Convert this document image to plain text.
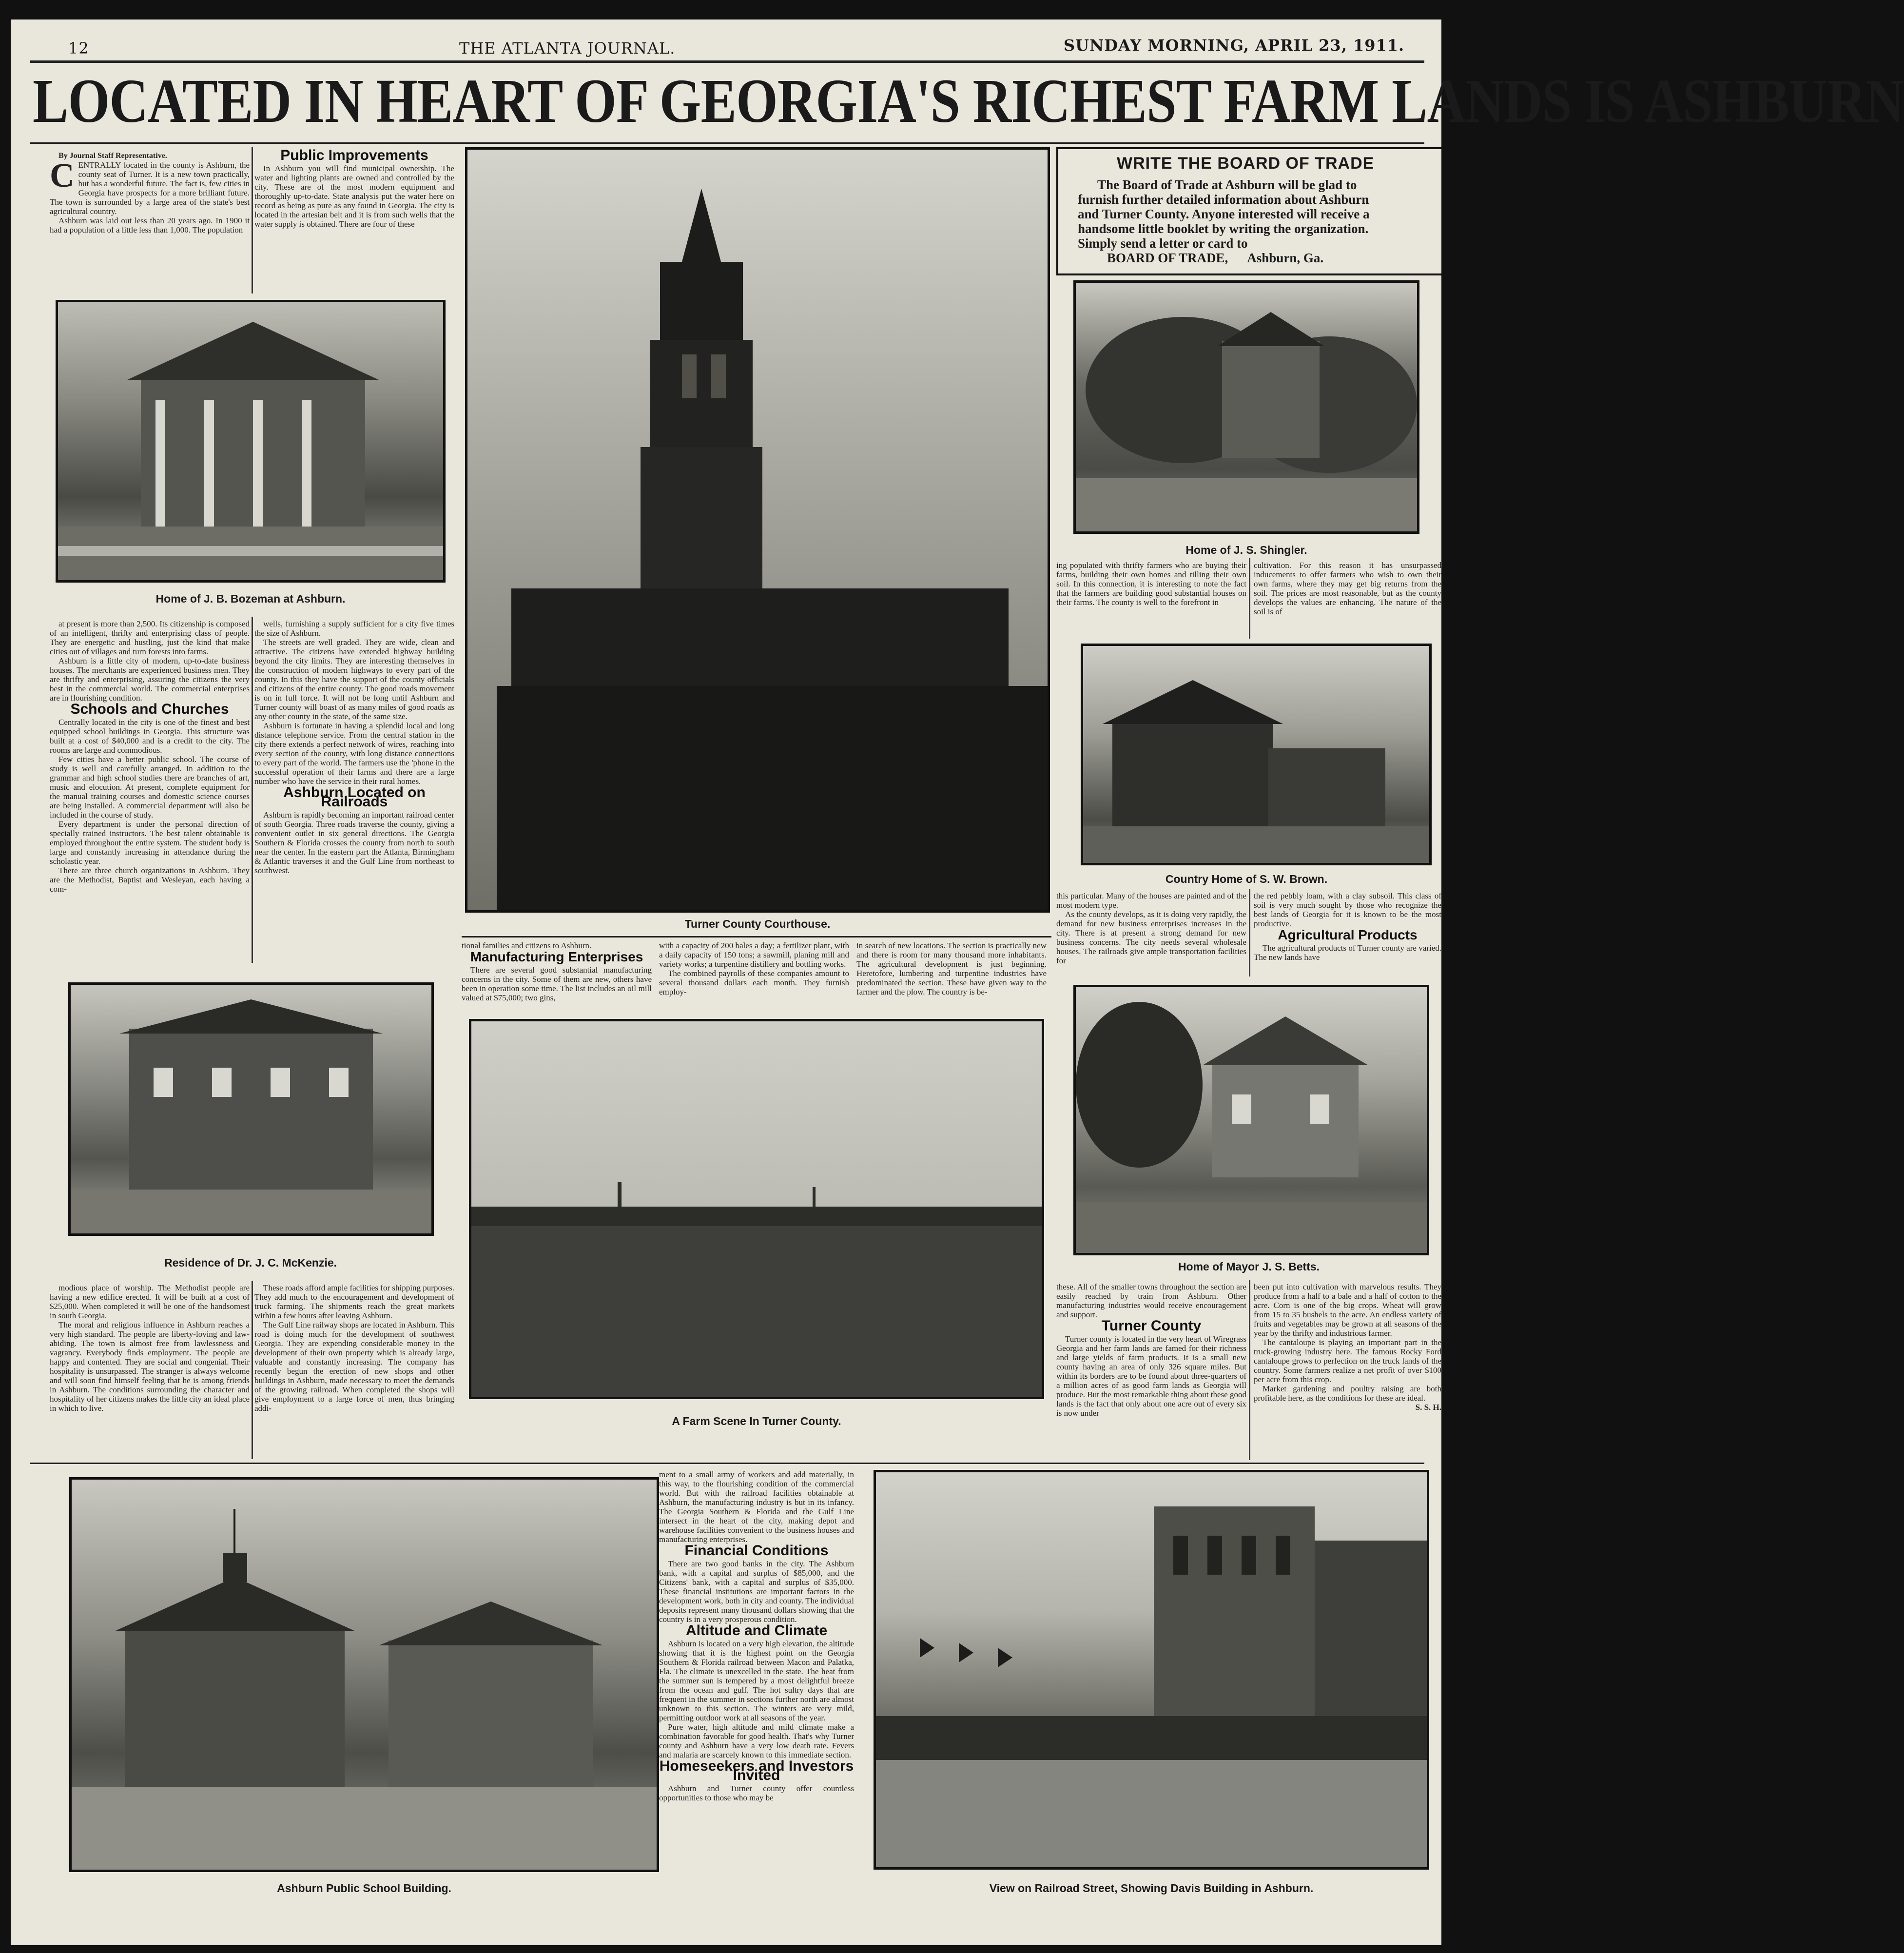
12	THE ATLANTA JOURNAL.	SUNDAY MORNING, APRIL 23, 1911.
LOCATED IN HEART OF GEORGIA'S RICHEST FARM LANDS IS ASHBURN

By Journal Staff Representative.

CENTRALLY located in the county is Ashburn, the county seat of Turner. It is a new town practically, but has a wonderful future. The fact is, few cities in Georgia have prospects for a more brilliant future. The town is surrounded by a large area of the state's best agricultural country.

Ashburn was laid out less than 20 years ago. In 1900 it had a population of a little less than 1,000. The population

Public Improvements

In Ashburn you will find municipal ownership. The water and lighting plants are owned and controlled by the city. These are of the most modern equipment and thoroughly up-to-date. State analysis put the water here on record as being as pure as any found in Georgia. The city is located in the artesian belt and it is from such wells that the water supply is obtained. There are four of these

Home of J. B. Bozeman at Ashburn.

at present is more than 2,500. Its citizenship is composed of an intelligent, thrifty and enterprising class of people. They are energetic and hustling, just the kind that make cities out of villages and turn forests into farms.

Ashburn is a little city of modern, up-to-date business houses. The merchants are experienced business men. They are thrifty and enterprising, assuring the citizens the very best in the commercial world. The commercial enterprises are in flourishing condition.

Schools and Churches

Centrally located in the city is one of the finest and best equipped school buildings in Georgia. This structure was built at a cost of $40,000 and is a credit to the city. The rooms are large and commodious.

Few cities have a better public school. The course of study is well and carefully arranged. In addition to the grammar and high school studies there are branches of art, music and elocution. At present, complete equipment for the manual training courses and domestic science courses are being installed. A commercial department will also be included in the course of study.

Every department is under the personal direction of specially trained instructors. The best talent obtainable is employed throughout the entire system. The student body is large and constantly increasing in attendance during the scholastic year.

There are three church organizations in Ashburn. They are the Methodist, Baptist and Wesleyan, each having a com-

wells, furnishing a supply sufficient for a city five times the size of Ashburn.

The streets are well graded. They are wide, clean and attractive. The citizens have extended highway building beyond the city limits. They are interesting themselves in the construction of modern highways to every part of the county. In this they have the support of the county officials and citizens of the entire county. The good roads movement is on in full force. It will not be long until Ashburn and Turner county will boast of as many miles of good roads as any other county in the state, of the same size.

Ashburn is fortunate in having a splendid local and long distance telephone service. From the central station in the city there extends a perfect network of wires, reaching into every section of the county, with long distance connections to every part of the world. The farmers use the 'phone in the successful operation of their farms and there are a large number who have the service in their rural homes.

Ashburn Located on Railroads

Ashburn is rapidly becoming an important railroad center of south Georgia. Three roads traverse the county, giving a convenient outlet in six general directions. The Georgia Southern & Florida crosses the county from north to south near the center. In the eastern part the Atlanta, Birmingham & Atlantic traverses it and the Gulf Line from northeast to southwest.

Residence of Dr. J. C. McKenzie.

modious place of worship. The Methodist people are having a new edifice erected. It will be built at a cost of $25,000. When completed it will be one of the handsomest in south Georgia.

The moral and religious influence in Ashburn reaches a very high standard. The people are liberty-loving and law-abiding. The town is almost free from lawlessness and vagrancy. Everybody finds employment. The people are happy and contented. They are social and congenial. Their hospitality is unsurpassed. The stranger is always welcome and will soon find himself feeling that he is among friends in Ashburn. The conditions surrounding the character and hospitality of her citizens makes the little city an ideal place in which to live.

These roads afford ample facilities for shipping purposes. They add much to the encouragement and development of truck farming. The shipments reach the great markets within a few hours after leaving Ashburn.

The Gulf Line railway shops are located in Ashburn. This road is doing much for the development of southwest Georgia. They are expending considerable money in the development of their own property which is already large, valuable and constantly increasing. The company has recently begun the erection of new shops and other buildings in Ashburn, made necessary to meet the demands of the growing railroad. When completed the shops will give employment to a large force of men, thus bringing addi-

Turner County Courthouse.

tional families and citizens to Ashburn.

Manufacturing Enterprises

There are several good substantial manufacturing concerns in the city. Some of them are new, others have been in operation some time. The list includes an oil mill valued at $75,000; two gins,

with a capacity of 200 bales a day; a fertilizer plant, with a daily capacity of 150 tons; a sawmill, planing mill and variety works; a turpentine distillery and bottling works.

The combined payrolls of these companies amount to several thousand dollars each month. They furnish employ-

in search of new locations. The section is practically new and there is room for many thousand more inhabitants. The agricultural development is just beginning. Heretofore, lumbering and turpentine industries have predominated the section. These have given way to the farmer and the plow. The country is be-

A Farm Scene In Turner County.
WRITE THE BOARD OF TRADE
The Board of Trade at Ashburn will be glad to
furnish further detailed information about Ashburn
and Turner County. Anyone interested will receive a
handsome little booklet by writing the organization.
Simply send a letter or card to
BOARD OF TRADE,      Ashburn, Ga.
Home of J. S. Shingler.

ing populated with thrifty farmers who are buying their farms, building their own homes and tilling their own soil. In this connection, it is interesting to note the fact that the farmers are building good substantial houses on their farms. The county is well to the forefront in

cultivation. For this reason it has unsurpassed inducements to offer farmers who wish to own their own farms, where they may get big returns from the soil. The prices are most reasonable, but as the county develops the values are enhancing. The nature of the soil is of

Country Home of S. W. Brown.

this particular. Many of the houses are painted and of the most modern type.

As the county develops, as it is doing very rapidly, the demand for new business enterprises increases in the city. There is at present a strong demand for new business concerns. The city needs several wholesale houses. The railroads give ample transportation facilities for

the red pebbly loam, with a clay subsoil. This class of soil is very much sought by those who recognize the best lands of Georgia for it is known to be the most productive.

Agricultural Products

The agricultural products of Turner county are varied. The new lands have

Home of Mayor J. S. Betts.

these. All of the smaller towns throughout the section are easily reached by train from Ashburn. Other manufacturing industries would receive encouragement and support.

Turner County

Turner county is located in the very heart of Wiregrass Georgia and her farm lands are famed for their richness and large yields of farm products. It is a small new county having an area of only 326 square miles. But within its borders are to be found about three-quarters of a million acres of as good farm lands as Georgia will produce. But the most remarkable thing about these good lands is the fact that only about one acre out of every six is now under

been put into cultivation with marvelous results. They produce from a half to a bale and a half of cotton to the acre. Corn is one of the big crops. Wheat will grow from 15 to 35 bushels to the acre. An endless variety of fruits and vegetables may be grown at all seasons of the year by the thrifty and industrious farmer.

The cantaloupe is playing an important part in the truck-growing industry here. The famous Rocky Ford cantaloupe grows to perfection on the truck lands of the country. Some farmers realize a net profit of over $100 per acre from this crop.

Market gardening and poultry raising are both profitable here, as the conditions for these are ideal.

S. S. H.

Ashburn Public School Building.

ment to a small army of workers and add materially, in this way, to the flourishing condition of the commercial world. But with the railroad facilities obtainable at Ashburn, the manufacturing industry is but in its infancy. The Georgia Southern & Florida and the Gulf Line intersect in the heart of the city, making depot and warehouse facilities convenient to the business houses and manufacturing enterprises.

Financial Conditions

There are two good banks in the city. The Ashburn bank, with a capital and surplus of $85,000, and the Citizens' bank, with a capital and surplus of $35,000. These financial institutions are important factors in the development work, both in city and county. The individual deposits represent many thousand dollars showing that the country is in a very prosperous condition.

Altitude and Climate

Ashburn is located on a very high elevation, the altitude showing that it is the highest point on the Georgia Southern & Florida railroad between Macon and Palatka, Fla. The climate is unexcelled in the state. The heat from the summer sun is tempered by a most delightful breeze from the ocean and gulf. The hot sultry days that are frequent in the summer in sections further north are almost unknown to this section. The winters are very mild, permitting outdoor work at all seasons of the year.

Pure water, high altitude and mild climate make a combination favorable for good health. That's why Turner county and Ashburn have a very low death rate. Fevers and malaria are scarcely known to this immediate section.

Homeseekers and Investors Invited

Ashburn and Turner county offer countless opportunities to those who may be

View on Railroad Street, Showing Davis Building in Ashburn.
